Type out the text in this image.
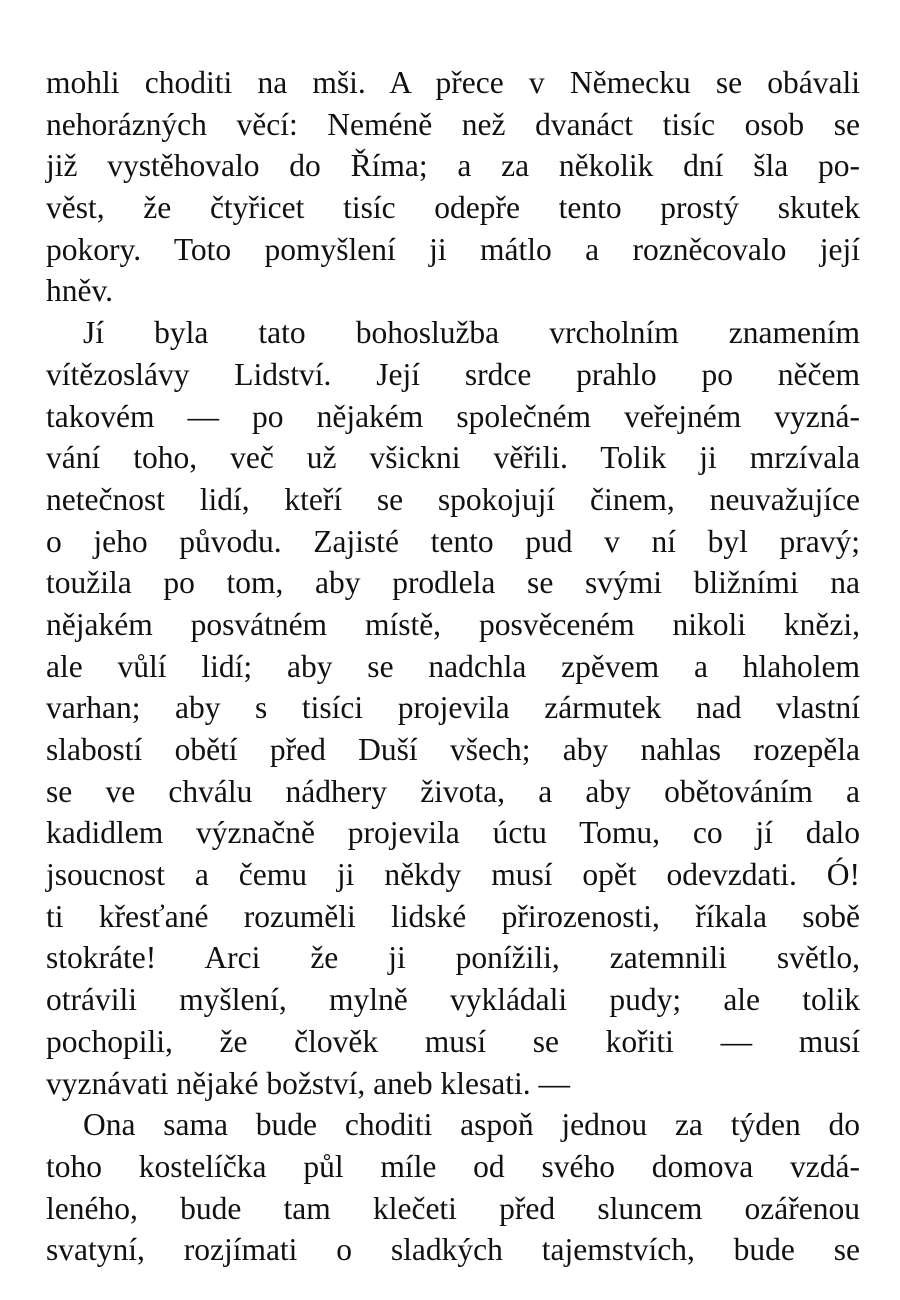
mohli choditi na mši. A přece v Německu se obávali
nehorázných věcí: Neméně než dvanáct tisíc osob se
již vystěhovalo do Říma; a za několik dní šla po-
věst, že čtyřicet tisíc odepře tento prostý skutek
pokory. Toto pomyšlení ji mátlo a rozněcovalo její
hněv.
Jí byla tato bohoslužba vrcholním znamením
vítězoslávy Lidství. Její srdce prahlo po něčem
takovém — po nějakém společném veřejném vyzná-
vání toho, več už všickni věřili. Tolik ji mrzívala
netečnost lidí, kteří se spokojují činem, neuvažujíce
o jeho původu. Zajisté tento pud v ní byl pravý;
toužila po tom, aby prodlela se svými bližními na
nějakém posvátném místě, posvěceném nikoli knězi,
ale vůlí lidí; aby se nadchla zpěvem a hlaholem
varhan; aby s tisíci projevila zármutek nad vlastní
slabostí obětí před Duší všech; aby nahlas rozepěla
se ve chválu nádhery života, a aby obětováním a
kadidlem význačně projevila úctu Tomu, co jí dalo
jsoucnost a čemu ji někdy musí opět odevzdati. Ó!
ti křesťané rozuměli lidské přirozenosti, říkala sobě
stokráte! Arci že ji ponížili, zatemnili světlo,
otrávili myšlení, mylně vykládali pudy; ale tolik
pochopili, že člověk musí se kořiti — musí
vyznávati nějaké božství, aneb klesati. —
Ona sama bude choditi aspoň jednou za týden do
toho kostelíčka půl míle od svého domova vzdá-
leného, bude tam klečeti před sluncem ozářenou
svatyní, rozjímati o sladkých tajemstvích, bude se
